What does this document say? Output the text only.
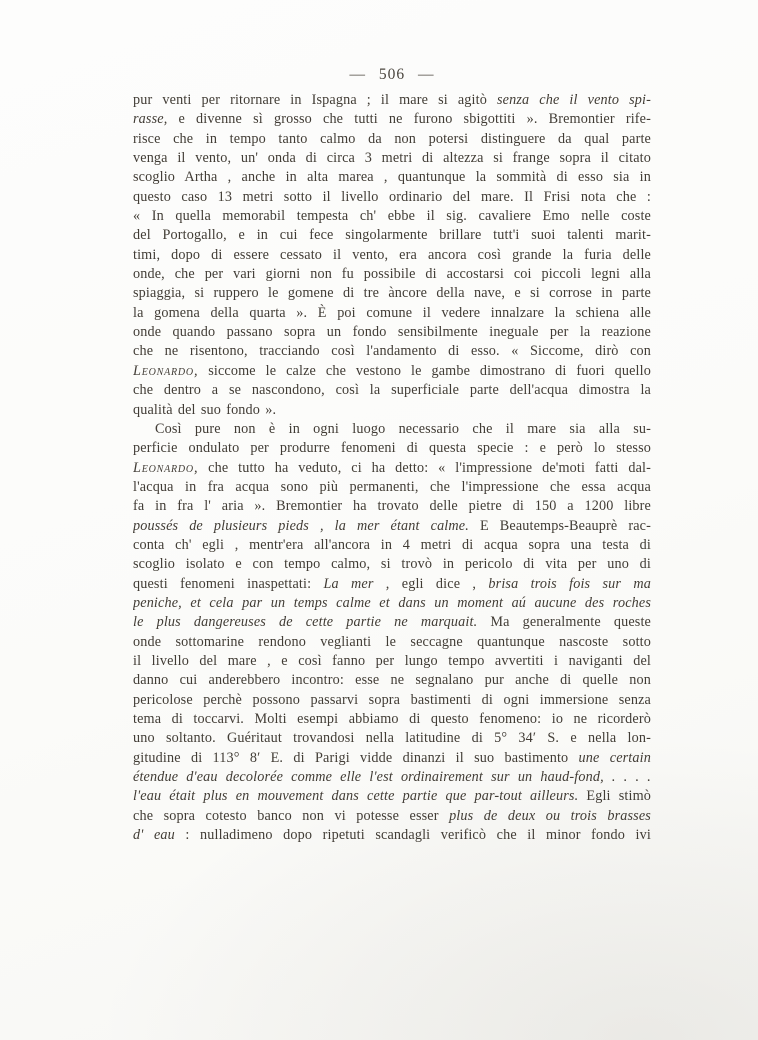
— 506 —
pur venti per ritornare in Ispagna ; il mare si agitò senza che il vento spi-
rasse, e divenne sì grosso che tutti ne furono sbigottiti ». Bremontier rife-
risce che in tempo tanto calmo da non potersi distinguere da qual parte
venga il vento, un' onda di circa 3 metri di altezza si frange sopra il citato
scoglio Artha , anche in alta marea , quantunque la sommità di esso sia in
questo caso 13 metri sotto il livello ordinario del mare. Il Frisi nota che :
« In quella memorabil tempesta ch' ebbe il sig. cavaliere Emo nelle coste
del Portogallo, e in cui fece singolarmente brillare tutt'i suoi talenti marit-
timi, dopo di essere cessato il vento, era ancora così grande la furia delle
onde, che per vari giorni non fu possibile di accostarsi coi piccoli legni alla
spiaggia, si ruppero le gomene di tre àncore della nave, e si corrose in parte
la gomena della quarta ». È poi comune il vedere innalzare la schiena alle
onde quando passano sopra un fondo sensibilmente ineguale per la reazione
che ne risentono, tracciando così l'andamento di esso. « Siccome, dirò con
Leonardo, siccome le calze che vestono le gambe dimostrano di fuori quello
che dentro a se nascondono, così la superficiale parte dell'acqua dimostra la
qualità del suo fondo ».
Così pure non è in ogni luogo necessario che il mare sia alla su-
perficie ondulato per produrre fenomeni di questa specie : e però lo stesso
Leonardo, che tutto ha veduto, ci ha detto: « l'impressione de'moti fatti dal-
l'acqua in fra acqua sono più permanenti, che l'impressione che essa acqua
fa in fra l' aria ». Bremontier ha trovato delle pietre di 150 a 1200 libre
poussés de plusieurs pieds , la mer étant calme. E Beautemps-Beauprè rac-
conta ch' egli , mentr'era all'ancora in 4 metri di acqua sopra una testa di
scoglio isolato e con tempo calmo, si trovò in pericolo di vita per uno di
questi fenomeni inaspettati: La mer , egli dice , brisa trois fois sur ma
peniche, et cela par un temps calme et dans un moment aú aucune des roches
le plus dangereuses de cette partie ne marquait. Ma generalmente queste
onde sottomarine rendono veglianti le seccagne quantunque nascoste sotto
il livello del mare , e così fanno per lungo tempo avvertiti i naviganti del
danno cui anderebbero incontro: esse ne segnalano pur anche di quelle non
pericolose perchè possono passarvi sopra bastimenti di ogni immersione senza
tema di toccarvi. Molti esempi abbiamo di questo fenomeno: io ne ricorderò
uno soltanto. Guéritaut trovandosi nella latitudine di 5° 34′ S. e nella lon-
gitudine di 113° 8′ E. di Parigi vidde dinanzi il suo bastimento une certain
étendue d'eau decolorée comme elle l'est ordinairement sur un haud-fond, . . . .
l'eau était plus en mouvement dans cette partie que par-tout ailleurs. Egli stimò
che sopra cotesto banco non vi potesse esser plus de deux ou trois brasses
d' eau : nulladimeno dopo ripetuti scandagli verificò che il minor fondo ivi
